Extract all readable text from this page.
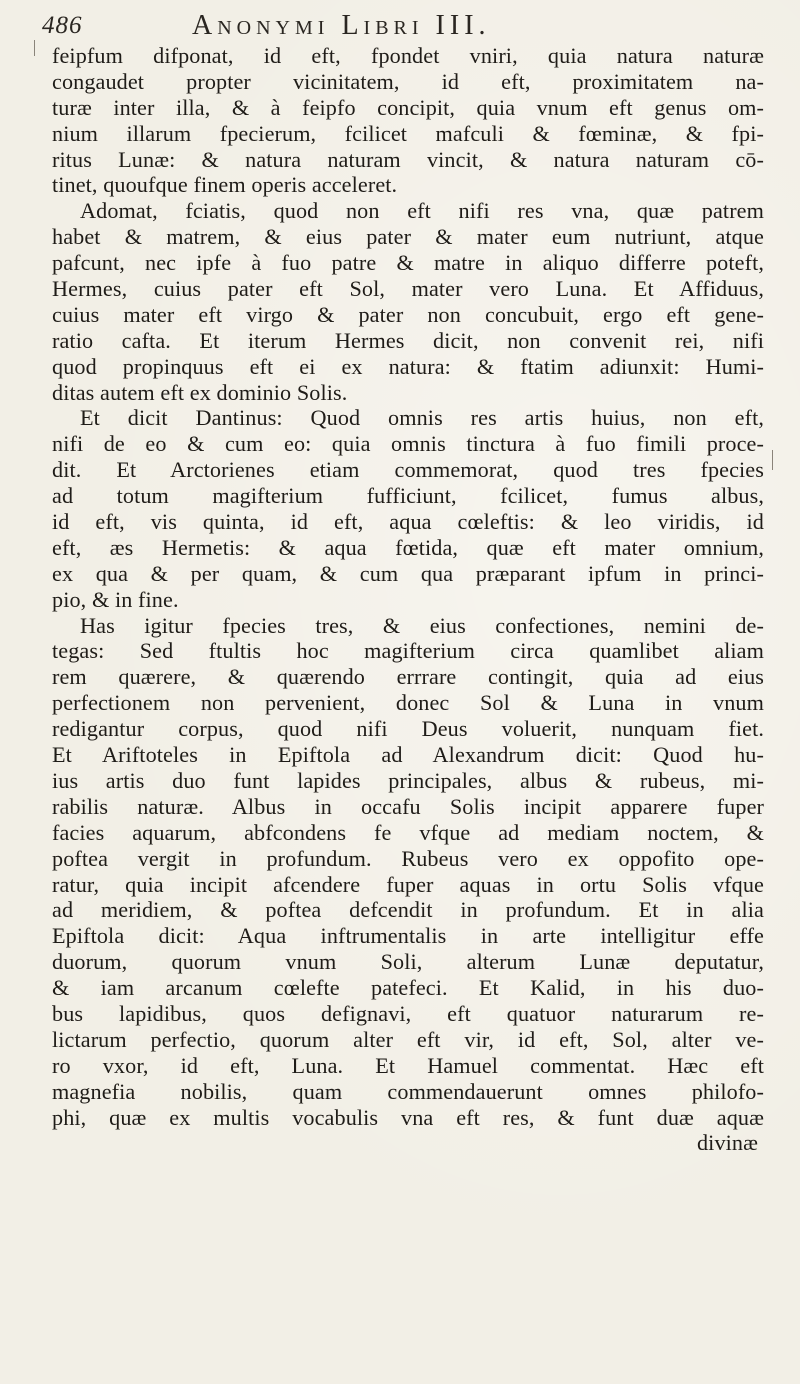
486	Anonymi Libri III.
feipfum difponat, id eft, fpondet vniri, quia natura naturæ
congaudet propter vicinitatem, id eft, proximitatem na-
turæ inter illa, & à feipfo concipit, quia vnum eft genus om-
nium illarum fpecierum, fcilicet mafculi & fœminæ, & fpi-
ritus Lunæ: & natura naturam vincit, & natura naturam cō-
tinet, quoufque finem operis acceleret.
Adomat, fciatis, quod non eft nifi res vna, quæ patrem
habet & matrem, & eius pater & mater eum nutriunt, atque
pafcunt, nec ipfe à fuo patre & matre in aliquo differre poteft,
Hermes, cuius pater eft Sol, mater vero Luna. Et Affiduus,
cuius mater eft virgo & pater non concubuit, ergo eft gene-
ratio cafta. Et iterum Hermes dicit, non convenit rei, nifi
quod propinquus eft ei ex natura: & ftatim adiunxit: Humi-
ditas autem eft ex dominio Solis.
Et dicit Dantinus: Quod omnis res artis huius, non eft,
nifi de eo & cum eo: quia omnis tinctura à fuo fimili proce-
dit. Et Arctorienes etiam commemorat, quod tres fpecies
ad totum magifterium fufficiunt, fcilicet, fumus albus,
id eft, vis quinta, id eft, aqua cœleftis: & leo viridis, id
eft, æs Hermetis: & aqua fœtida, quæ eft mater omnium,
ex qua & per quam, & cum qua præparant ipfum in princi-
pio, & in fine.
Has igitur fpecies tres, & eius confectiones, nemini de-
tegas: Sed ftultis hoc magifterium circa quamlibet aliam
rem quærere, & quærendo errrare contingit, quia ad eius
perfectionem non pervenient, donec Sol & Luna in vnum
redigantur corpus, quod nifi Deus voluerit, nunquam fiet.
Et Ariftoteles in Epiftola ad Alexandrum dicit: Quod hu-
ius artis duo funt lapides principales, albus & rubeus, mi-
rabilis naturæ. Albus in occafu Solis incipit apparere fuper
facies aquarum, abfcondens fe vfque ad mediam noctem, &
poftea vergit in profundum. Rubeus vero ex oppofito ope-
ratur, quia incipit afcendere fuper aquas in ortu Solis vfque
ad meridiem, & poftea defcendit in profundum. Et in alia
Epiftola dicit: Aqua inftrumentalis in arte intelligitur effe
duorum, quorum vnum Soli, alterum Lunæ deputatur,
& iam arcanum cœlefte patefeci. Et Kalid, in his duo-
bus lapidibus, quos defignavi, eft quatuor naturarum re-
lictarum perfectio, quorum alter eft vir, id eft, Sol, alter ve-
ro vxor, id eft, Luna. Et Hamuel commentat. Hæc eft
magnefia nobilis, quam commendauerunt omnes philofo-
phi, quæ ex multis vocabulis vna eft res, & funt duæ aquæ
divinæ
